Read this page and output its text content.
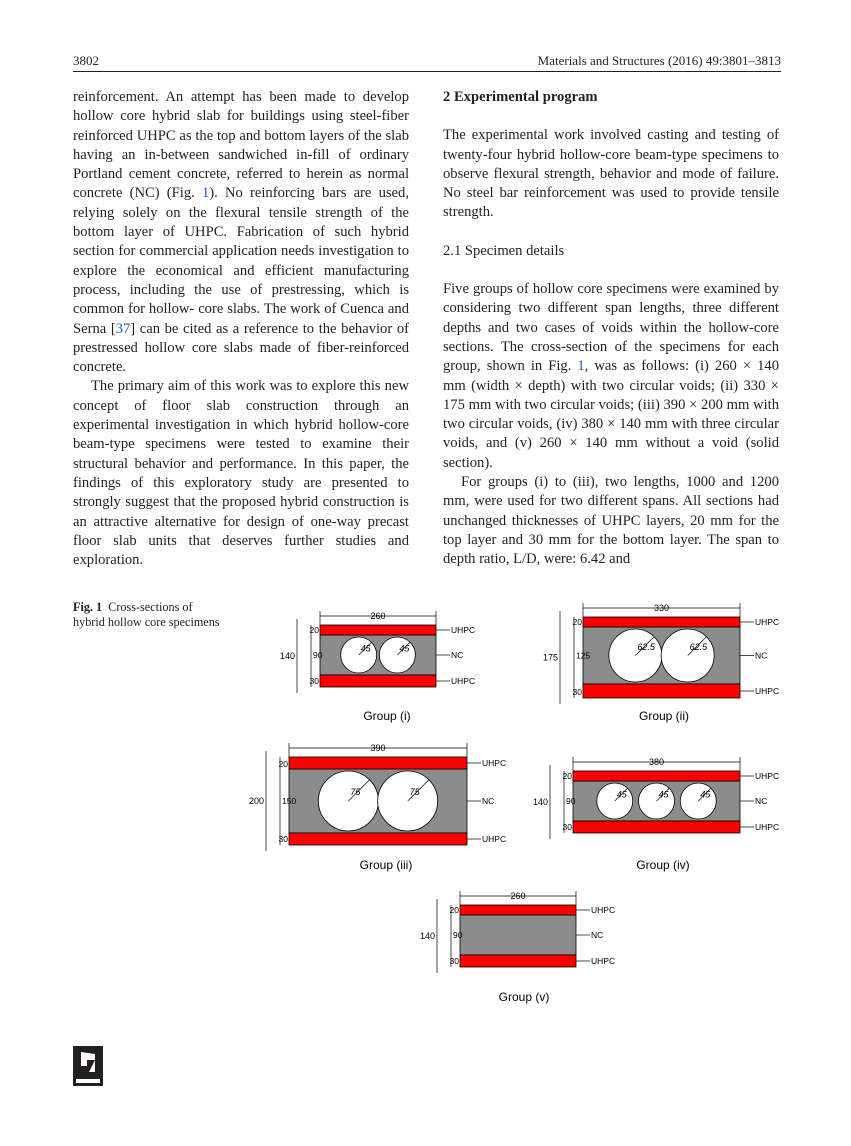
3802	Materials and Structures (2016) 49:3801–3813

reinforcement. An attempt has been made to develop hollow core hybrid slab for buildings using steel-fiber reinforced UHPC as the top and bottom layers of the slab having an in-between sandwiched in-fill of ordinary Portland cement concrete, referred to herein as normal concrete (NC) (Fig. 1). No reinforcing bars are used, relying solely on the flexural tensile strength of the bottom layer of UHPC. Fabrication of such hybrid section for commercial application needs investigation to explore the economical and efficient manufacturing process, including the use of prestressing, which is common for hollow- core slabs. The work of Cuenca and Serna [37] can be cited as a reference to the behavior of prestressed hollow core slabs made of fiber-reinforced concrete.

The primary aim of this work was to explore this new concept of floor slab construction through an experimental investigation in which hybrid hollow-core beam-type specimens were tested to examine their structural behavior and performance. In this paper, the findings of this exploratory study are presented to strongly suggest that the proposed hybrid construction is an attractive alternative for design of one-way precast floor slab units that deserves further studies and exploration.

2 Experimental program

The experimental work involved casting and testing of twenty-four hybrid hollow-core beam-type specimens to observe flexural strength, behavior and mode of failure. No steel bar reinforcement was used to provide tensile strength.

2.1 Specimen details

Five groups of hollow core specimens were examined by considering two different span lengths, three different depths and two cases of voids within the hollow-core sections. The cross-section of the specimens for each group, shown in Fig. 1, was as follows: (i) 260 × 140 mm (width × depth) with two circular voids; (ii) 330 × 175 mm with two circular voids; (iii) 390 × 200 mm with two circular voids, (iv) 380 × 140 mm with three circular voids, and (v) 260 × 140 mm without a void (solid section).

For groups (i) to (iii), two lengths, 1000 and 1200 mm, were used for two different spans. All sections had unchanged thicknesses of UHPC layers, 20 mm for the top layer and 30 mm for the bottom layer. The span to depth ratio, L/D, were: 6.42 and

Fig. 1 Cross-sections of hybrid hollow core specimens
45	45
260
140
20
90
30
UHPC
NC
UHPC
Group (i)
62.5	62.5
330
175
20
125
30
UHPC
NC
UHPC
Group (ii)
75	75
390
200
20
150
30
UHPC
NC
UHPC
Group (iii)
45	45	45
380
140
20
90
30
UHPC
NC
UHPC
Group (iv)
260
140
20
90
30
UHPC
NC
UHPC
Group (v)
